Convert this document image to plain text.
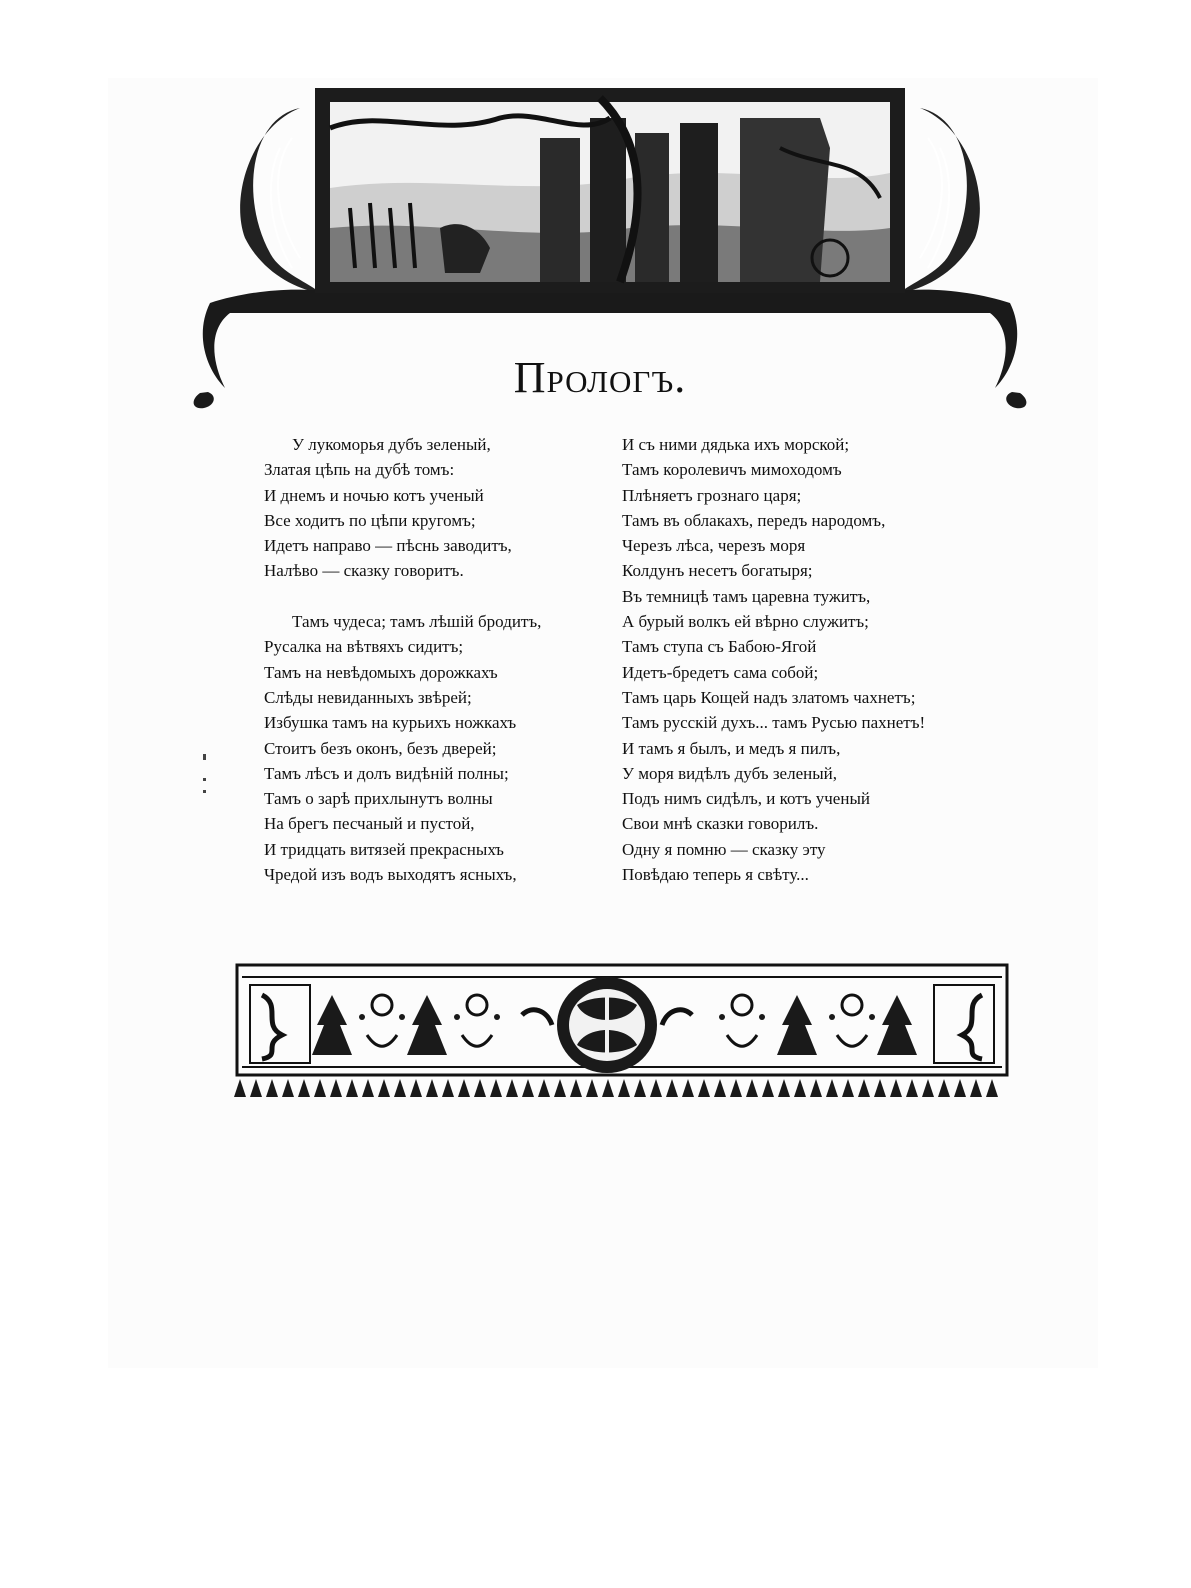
Прологъ.
У лукоморья дубъ зеленый,
Златая цѣпь на дубѣ томъ:
И днемъ и ночью котъ ученый
Все ходитъ по цѣпи кругомъ;
Идетъ направо — пѣснь заводитъ,
Налѣво — сказку говоритъ.
Тамъ чудеса; тамъ лѣшій бродитъ,
Русалка на вѣтвяхъ сидитъ;
Тамъ на невѣдомыхъ дорожкахъ
Слѣды невиданныхъ звѣрей;
Избушка тамъ на курьихъ ножкахъ
Стоитъ безъ оконъ, безъ дверей;
Тамъ лѣсъ и долъ видѣній полны;
Тамъ о зарѣ прихлынутъ волны
На брегъ песчаный и пустой,
И тридцать витязей прекрасныхъ
Чредой изъ водъ выходятъ ясныхъ,
И съ ними дядька ихъ морской;
Тамъ королевичъ мимоходомъ
Плѣняетъ грознаго царя;
Тамъ въ облакахъ, передъ народомъ,
Черезъ лѣса, черезъ моря
Колдунъ несетъ богатыря;
Въ темницѣ тамъ царевна тужитъ,
А бурый волкъ ей вѣрно служитъ;
Тамъ ступа съ Бабою-Ягой
Идетъ-бредетъ сама собой;
Тамъ царь Кощей надъ златомъ чахнетъ;
Тамъ русскій духъ... тамъ Русью пахнетъ!
И тамъ я былъ, и медъ я пилъ,
У моря видѣлъ дубъ зеленый,
Подъ нимъ сидѣлъ, и котъ ученый
Свои мнѣ сказки говорилъ.
Одну я помню — сказку эту
Повѣдаю теперь я свѣту...
